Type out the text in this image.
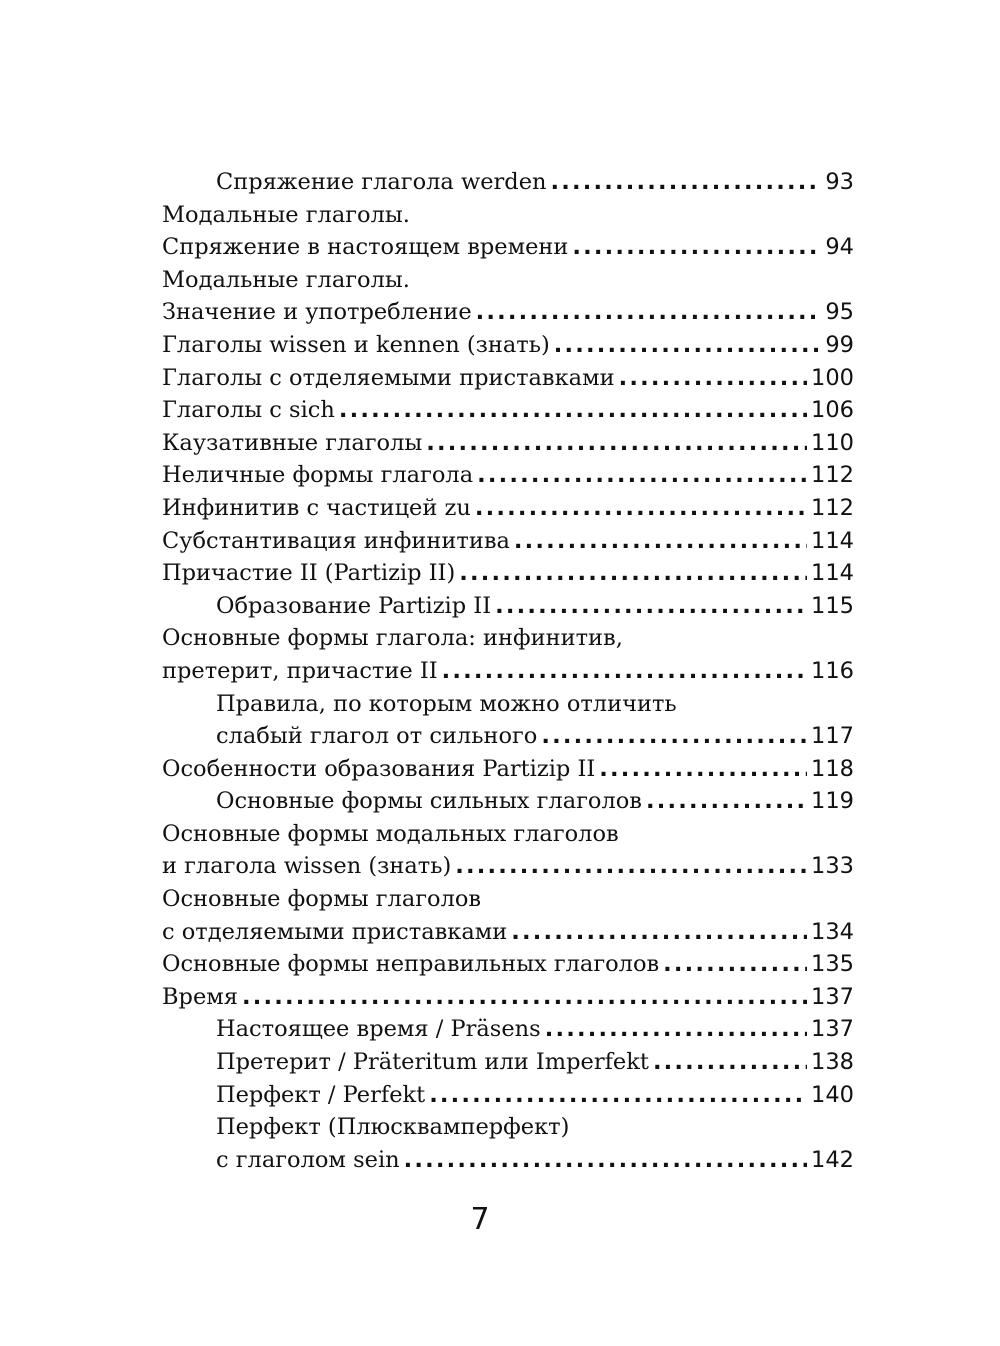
Спряжение глагола werden .....	93
Модальные глаголы.
Спряжение в настоящем времени .....	94
Модальные глаголы.
Значение и употребление .....	95
Глаголы wissen и kennen (знать) .....	99
Глаголы с отделяемыми приставками .....	100
Глаголы с sich .....	106
Каузативные глаголы .....	110
Неличные формы глагола .....	112
Инфинитив с частицей zu .....	112
Субстантивация инфинитива .....	114
Причастие II (Partizip II) .....	114
Образование Partizip II .....	115
Основные формы глагола: инфинитив,
претерит, причастие II .....	116
Правила, по которым можно отличить
слабый глагол от сильного .....	117
Особенности образования Partizip II .....	118
Основные формы сильных глаголов .....	119
Основные формы модальных глаголов
и глагола wissen (знать) .....	133
Основные формы глаголов
с отделяемыми приставками .....	134
Основные формы неправильных глаголов .....	135
Время .....	137
Настоящее время / Präsens .....	137
Претерит / Präteritum или Imperfekt .....	138
Перфект / Perfekt .....	140
Перфект (Плюсквамперфект)
с глаголом sein .....	142
7
